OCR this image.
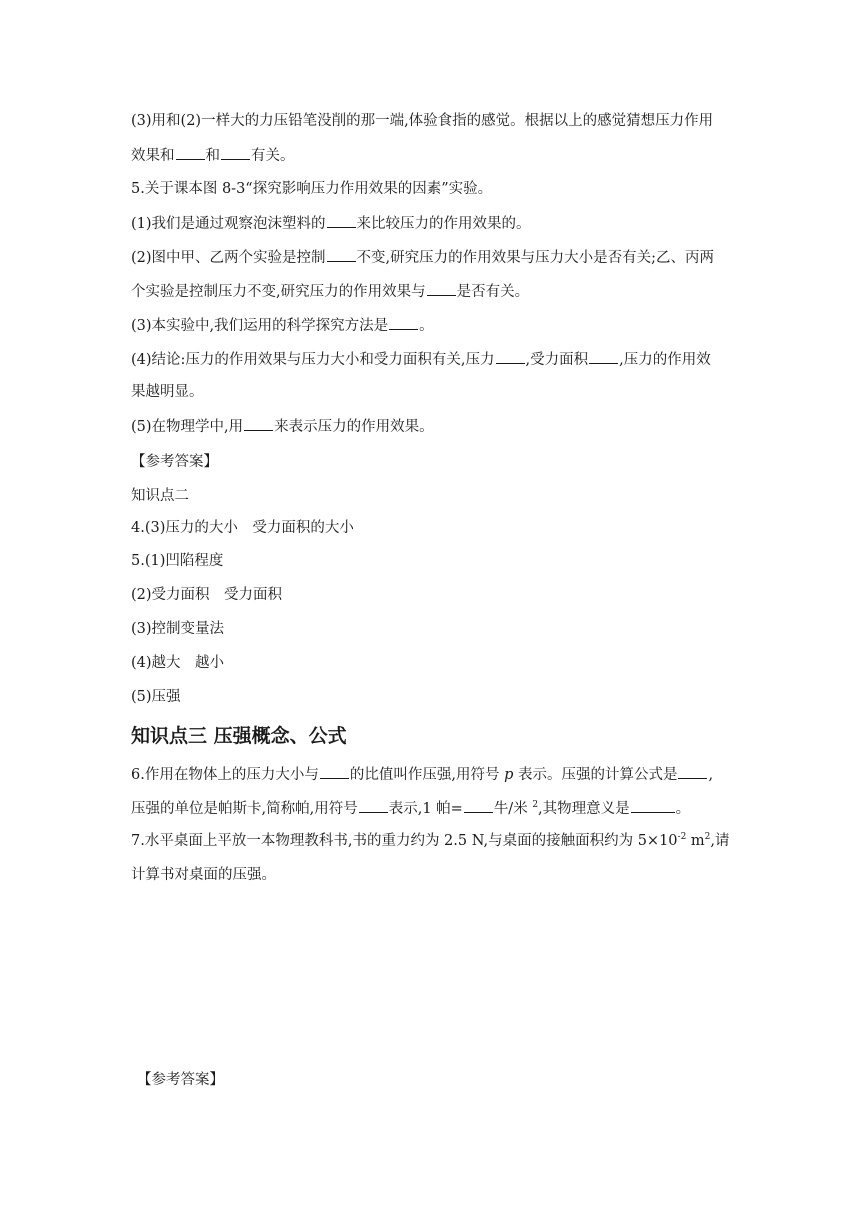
(3)用和(2)一样大的力压铅笔没削的那一端,体验食指的感觉。根据以上的感觉猜想压力作用
效果和 和 有关。
5.关于课本图 8-3“探究影响压力作用效果的因素”实验。
(1)我们是通过观察泡沫塑料的 来比较压力的作用效果的。
(2)图中甲、乙两个实验是控制 不变,研究压力的作用效果与压力大小是否有关;乙、丙两
个实验是控制压力不变,研究压力的作用效果与 是否有关。
(3)本实验中,我们运用的科学探究方法是 。
(4)结论:压力的作用效果与压力大小和受力面积有关,压力 ,受力面积 ,压力的作用效
果越明显。
(5)在物理学中,用 来表示压力的作用效果。
【参考答案】
知识点二
4.(3)压力的大小　受力面积的大小
5.(1)凹陷程度
(2)受力面积　受力面积
(3)控制变量法
(4)越大　越小
(5)压强
知识点三 压强概念、公式
6.作用在物体上的压力大小与 的比值叫作压强,用符号 p 表示。压强的计算公式是 ,
压强的单位是帕斯卡,简称帕,用符号 表示,1 帕= 牛/米 $^2$,其物理意义是	。
7.水平桌面上平放一本物理教科书,书的重力约为 2.5 N,与桌面的接触面积约为 $5\times 10^{-2}$ $m^2$,请
计算书对桌面的压强。
【参考答案】
